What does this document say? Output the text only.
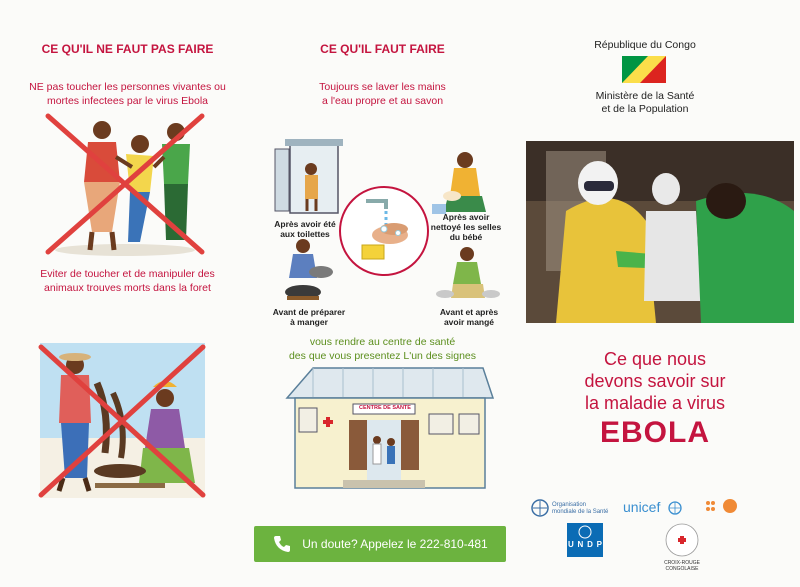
CE QU'IL NE FAUT PAS FAIRE
NE pas toucher les personnes vivantes ou
mortes infectees par le virus Ebola
Eviter de toucher et de manipuler des
animaux trouves morts dans la foret
CE QU'IL FAUT FAIRE
Toujours se laver les mains
a l'eau propre et au savon
Après avoir été
aux toilettes
Après avoir
nettoyé les selles
du bébé
Avant de préparer
à manger
Avant et après
avoir mangé
vous rendre au centre de santé
des que vous presentez L'un des signes
CENTRE DE SANTE
Un doute? Appelez le 222-810-481
République du Congo
Ministère de la Santé
et de la Population
Ce que nous
devons savoir sur
la maladie a virus
EBOLA
Organisation
mondiale de la Santé	unicef
U N D P
CROIX-ROUGE CONGOLAISE
